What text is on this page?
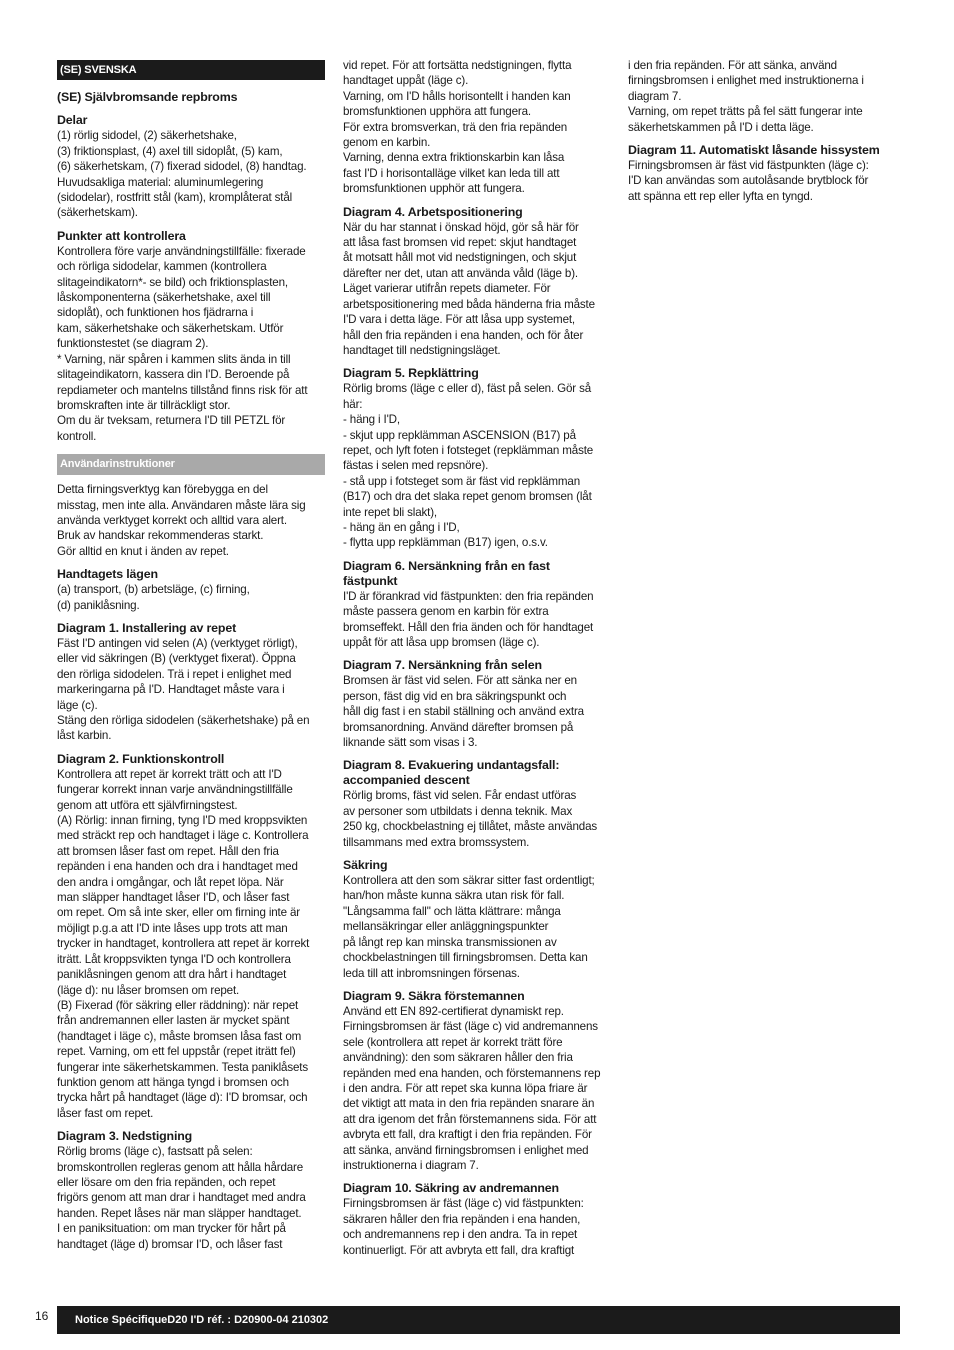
(SE) SVENSKA
(SE) Självbromsande repbroms
Delar

(1) rörlig sidodel, (2) säkerhetshake,
(3) friktionsplast, (4) axel till sidoplåt, (5) kam,
(6) säkerhetskam, (7) fixerad sidodel, (8) handtag.
Huvudsakliga material: aluminumlegering
(sidodelar), rostfritt stål (kam), kromplåterat stål
(säkerhetskam).

Punkter att kontrollera

Kontrollera före varje användningstillfälle: fixerade
och rörliga sidodelar, kammen (kontrollera
slitageindikatorn*- se bild) och friktionsplasten,
låskomponenterna (säkerhetshake, axel till
sidoplåt), och funktionen hos fjädrarna i
kam, säkerhetshake och säkerhetskam. Utför
funktionstestet (se diagram 2).
* Varning, när spåren i kammen slits ända in till
slitageindikatorn, kassera din I'D. Beroende på
repdiameter och mantelns tillstånd finns risk för att
bromskraften inte är tillräckligt stor.
Om du är tveksam, returnera I'D till PETZL för
kontroll.

Användarinstruktioner

Detta firningsverktyg kan förebygga en del
misstag, men inte alla. Användaren måste lära sig
använda verktyget korrekt och alltid vara alert.
Bruk av handskar rekommenderas starkt.
Gör alltid en knut i änden av repet.

Handtagets lägen

(a) transport, (b) arbetsläge, (c) firning,
(d) paniklåsning.

Diagram 1. Installering av repet

Fäst I'D antingen vid selen (A) (verktyget rörligt),
eller vid säkringen (B) (verktyget fixerat). Öppna
den rörliga sidodelen. Trä i repet i enlighet med
markeringarna på I'D. Handtaget måste vara i
läge (c).
Stäng den rörliga sidodelen (säkerhetshake) på en
låst karbin.

Diagram 2. Funktionskontroll

Kontrollera att repet är korrekt trätt och att I'D
fungerar korrekt innan varje användningstillfälle
genom att utföra ett självfirningstest.
(A) Rörlig: innan firning, tyng I'D med kroppsvikten
med sträckt rep och handtaget i läge c. Kontrollera
att bromsen låser fast om repet. Håll den fria
repänden i ena handen och dra i handtaget med
den andra i omgångar, och låt repet löpa. När
man släpper handtaget låser I'D, och låser fast
om repet. Om så inte sker, eller om firning inte är
möjligt p.g.a att I'D inte låses upp trots att man
trycker in handtaget, kontrollera att repet är korrekt
iträtt. Låt kroppsvikten tynga I'D och kontrollera
paniklåsningen genom att dra hårt i handtaget
(läge d): nu låser bromsen om repet.
(B) Fixerad (för säkring eller räddning): när repet
från andremannen eller lasten är mycket spänt
(handtaget i läge c), måste bromsen låsa fast om
repet. Varning, om ett fel uppstår (repet iträtt fel)
fungerar inte säkerhetskammen. Testa paniklåsets
funktion genom att hänga tyngd i bromsen och
trycka hårt på handtaget (läge d): I'D bromsar, och
låser fast om repet.

Diagram 3. Nedstigning

Rörlig broms (läge c), fastsatt på selen:
bromskontrollen regleras genom att hålla hårdare
eller lösare om den fria repänden, och repet
frigörs genom att man drar i handtaget med andra
handen. Repet låses när man släpper handtaget.
I en paniksituation: om man trycker för hårt på
handtaget (läge d) bromsar I'D, och låser fast

vid repet. För att fortsätta nedstigningen, flytta
handtaget uppåt (läge c).
Varning, om I'D hålls horisontellt i handen kan
bromsfunktionen upphöra att fungera.
För extra bromsverkan, trä den fria repänden
genom en karbin.
Varning, denna extra friktionskarbin kan låsa
fast I'D i horisontalläge vilket kan leda till att
bromsfunktionen upphör att fungera.

Diagram 4. Arbetspositionering

När du har stannat i önskad höjd, gör så här för
att låsa fast bromsen vid repet: skjut handtaget
åt motsatt håll mot vid nedstigningen, och skjut
därefter ner det, utan att använda våld (läge b).
Läget varierar utifrån repets diameter. För
arbetspositionering med båda händerna fria måste
I'D vara i detta läge. För att låsa upp systemet,
håll den fria repänden i ena handen, och för åter
handtaget till nedstigningsläget.

Diagram 5. Repklättring

Rörlig broms (läge c eller d), fäst på selen. Gör så
här:
- häng i I'D,
- skjut upp repklämman ASCENSION (B17) på
repet, och lyft foten i fotsteget (repklämman måste
fästas i selen med repsnöre).
- stå upp i fotsteget som är fäst vid repklämman
(B17) och dra det slaka repet genom bromsen (låt
inte repet bli slakt),
- häng än en gång i I'D,
- flytta upp repklämman (B17) igen, o.s.v.

Diagram 6. Nersänkning från en fast
fästpunkt

I'D är förankrad vid fästpunkten: den fria repänden
måste passera genom en karbin för extra
bromseffekt. Håll den fria änden och för handtaget
uppåt för att låsa upp bromsen (läge c).

Diagram 7. Nersänkning från selen

Bromsen är fäst vid selen. För att sänka ner en
person, fäst dig vid en bra säkringspunkt och
håll dig fast i en stabil ställning och använd extra
bromsanordning. Använd därefter bromsen på
liknande sätt som visas i 3.

Diagram 8. Evakuering undantagsfall:
accompanied descent

Rörlig broms, fäst vid selen. Får endast utföras
av personer som utbildats i denna teknik. Max
250 kg, chockbelastning ej tillåtet, måste användas
tillsammans med extra bromssystem.

Säkring

Kontrollera att den som säkrar sitter fast ordentligt;
han/hon måste kunna säkra utan risk för fall.
"Långsamma fall" och lätta klättrare: många
mellansäkringar eller anläggningspunkter
på långt rep kan minska transmissionen av
chockbelastningen till firningsbromsen. Detta kan
leda till att inbromsningen försenas.

Diagram 9. Säkra förstemannen

Använd ett EN 892-certifierat dynamiskt rep.
Firningsbromsen är fäst (läge c) vid andremannens
sele (kontrollera att repet är korrekt trätt före
användning): den som säkraren håller den fria
repänden med ena handen, och förstemannens rep
i den andra. För att repet ska kunna löpa friare är
det viktigt att mata in den fria repänden snarare än
att dra igenom det från förstemannens sida. För att
avbryta ett fall, dra kraftigt i den fria repänden. För
att sänka, använd firningsbromsen i enlighet med
instruktionerna i diagram 7.

Diagram 10. Säkring av andremannen

Firningsbromsen är fäst (läge c) vid fästpunkten:
säkraren håller den fria repänden i ena handen,
och andremannens rep i den andra. Ta in repet
kontinuerligt. För att avbryta ett fall, dra kraftigt

i den fria repänden. För att sänka, använd
firningsbromsen i enlighet med instruktionerna i
diagram 7.
Varning, om repet trätts på fel sätt fungerar inte
säkerhetskammen på I'D i detta läge.

Diagram 11. Automatiskt låsande hissystem

Firningsbromsen är fäst vid fästpunkten (läge c):
I'D kan användas som autolåsande brytblock för
att spänna ett rep eller lyfta en tyngd.

16	Notice SpécifiqueD20 I'D réf. : D20900-04 210302
